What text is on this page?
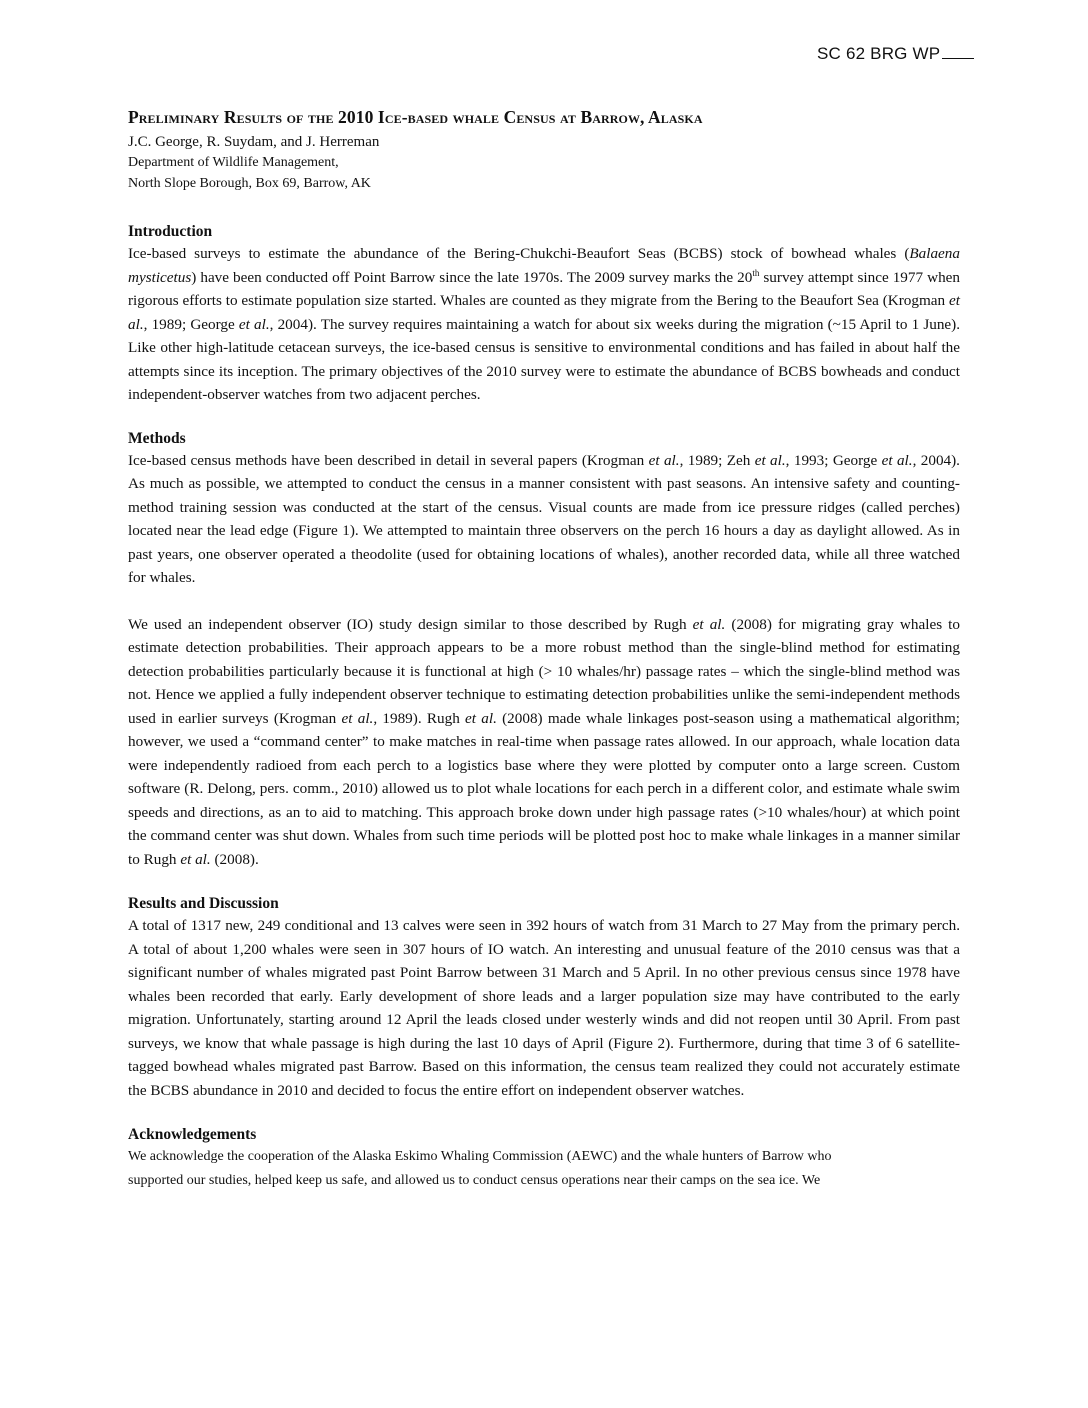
SC 62 BRG WP
Preliminary Results of the 2010 Ice-based whale Census at Barrow, Alaska

J.C. George, R. Suydam, and J. Herreman

Department of Wildlife Management,

North Slope Borough, Box 69, Barrow, AK

Introduction

Ice-based surveys to estimate the abundance of the Bering-Chukchi-Beaufort Seas (BCBS) stock of bowhead whales (Balaena mysticetus) have been conducted off Point Barrow since the late 1970s. The 2009 survey marks the 20th survey attempt since 1977 when rigorous efforts to estimate population size started. Whales are counted as they migrate from the Bering to the Beaufort Sea (Krogman et al., 1989; George et al., 2004). The survey requires maintaining a watch for about six weeks during the migration (~15 April to 1 June). Like other high-latitude cetacean surveys, the ice-based census is sensitive to environmental conditions and has failed in about half the attempts since its inception. The primary objectives of the 2010 survey were to estimate the abundance of BCBS bowheads and conduct independent-observer watches from two adjacent perches.

Methods

Ice-based census methods have been described in detail in several papers (Krogman et al., 1989; Zeh et al., 1993; George et al., 2004). As much as possible, we attempted to conduct the census in a manner consistent with past seasons. An intensive safety and counting-method training session was conducted at the start of the census. Visual counts are made from ice pressure ridges (called perches) located near the lead edge (Figure 1). We attempted to maintain three observers on the perch 16 hours a day as daylight allowed. As in past years, one observer operated a theodolite (used for obtaining locations of whales), another recorded data, while all three watched for whales.

We used an independent observer (IO) study design similar to those described by Rugh et al. (2008) for migrating gray whales to estimate detection probabilities. Their approach appears to be a more robust method than the single-blind method for estimating detection probabilities particularly because it is functional at high (> 10 whales/hr) passage rates – which the single-blind method was not. Hence we applied a fully independent observer technique to estimating detection probabilities unlike the semi-independent methods used in earlier surveys (Krogman et al., 1989). Rugh et al. (2008) made whale linkages post-season using a mathematical algorithm; however, we used a “command center” to make matches in real-time when passage rates allowed. In our approach, whale location data were independently radioed from each perch to a logistics base where they were plotted by computer onto a large screen. Custom software (R. Delong, pers. comm., 2010) allowed us to plot whale locations for each perch in a different color, and estimate whale swim speeds and directions, as an to aid to matching. This approach broke down under high passage rates (>10 whales/hour) at which point the command center was shut down. Whales from such time periods will be plotted post hoc to make whale linkages in a manner similar to Rugh et al. (2008).

Results and Discussion

A total of 1317 new, 249 conditional and 13 calves were seen in 392 hours of watch from 31 March to 27 May from the primary perch. A total of about 1,200 whales were seen in 307 hours of IO watch. An interesting and unusual feature of the 2010 census was that a significant number of whales migrated past Point Barrow between 31 March and 5 April. In no other previous census since 1978 have whales been recorded that early. Early development of shore leads and a larger population size may have contributed to the early migration. Unfortunately, starting around 12 April the leads closed under westerly winds and did not reopen until 30 April. From past surveys, we know that whale passage is high during the last 10 days of April (Figure 2). Furthermore, during that time 3 of 6 satellite-tagged bowhead whales migrated past Barrow. Based on this information, the census team realized they could not accurately estimate the BCBS abundance in 2010 and decided to focus the entire effort on independent observer watches.

Acknowledgements

We acknowledge the cooperation of the Alaska Eskimo Whaling Commission (AEWC) and the whale hunters of Barrow who

supported our studies, helped keep us safe, and allowed us to conduct census operations near their camps on the sea ice. We
